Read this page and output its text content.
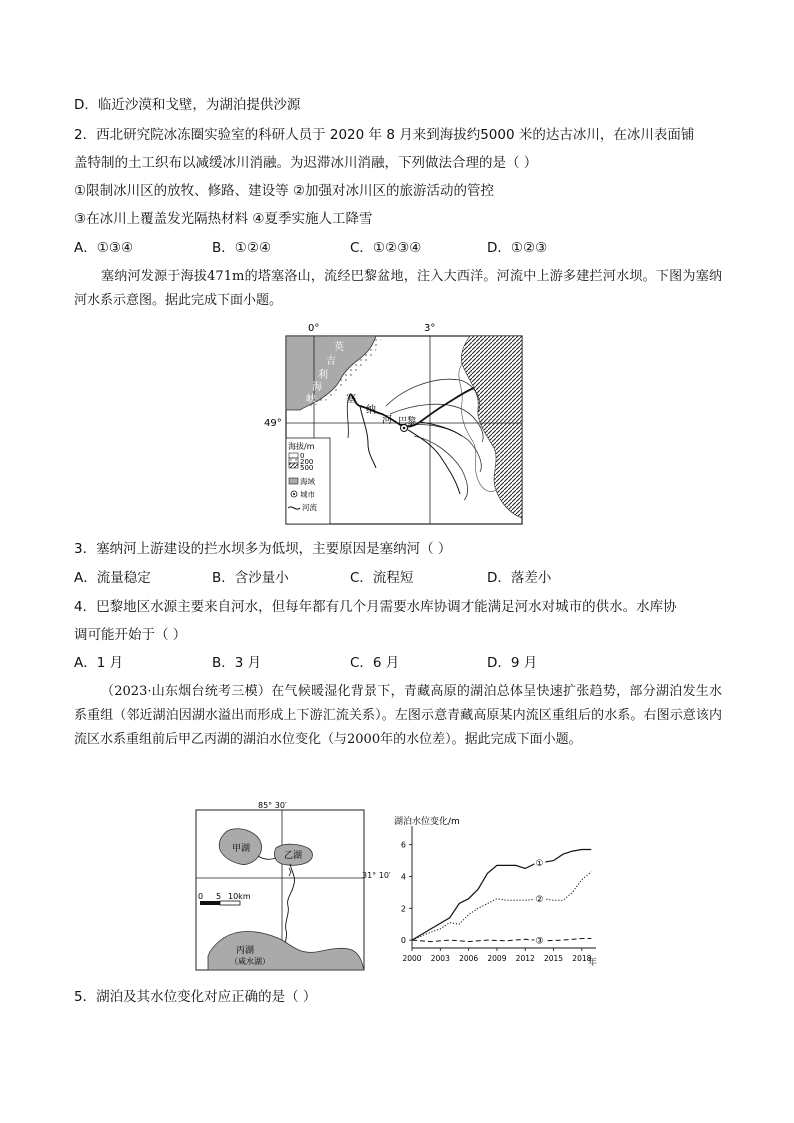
D．临近沙漠和戈壁，为湖泊提供沙源
2．西北研究院冰冻圈实验室的科研人员于 2020 年 8 月来到海拔约5000 米的达古冰川，在冰川表面铺
盖特制的土工织布以减缓冰川消融。为迟滞冰川消融，下列做法合理的是（ ）
①限制冰川区的放牧、修路、建设等 ②加强对冰川区的旅游活动的管控
③在冰川上覆盖发光隔热材料 ④夏季实施人工降雪
A．①③④	B．①②④	C．①②③④	D．①②③
塞纳河发源于海拔471m的塔塞洛山，流经巴黎盆地，注入大西洋。河流中上游多建拦河水坝。下图为塞纳河水系示意图。据此完成下面小题。
0°	3°
49°
英
吉
利
海
峡	塞
纳
河 巴黎
海拔/m
0
200
500
海域
城市
河流
3．塞纳河上游建设的拦水坝多为低坝，主要原因是塞纳河（ ）
A．流量稳定	B．含沙量小	C．流程短	D．落差小
4．巴黎地区水源主要来自河水，但每年都有几个月需要水库协调才能满足河水对城市的供水。水库协
调可能开始于（ ）
A．1 月	B．3 月	C．6 月	D．9 月
（2023·山东烟台统考三模）在气候暖湿化背景下，青藏高原的湖泊总体呈快速扩张趋势，部分湖泊发生水系重组（邻近湖泊因湖水溢出而形成上下游汇流关系）。左图示意青藏高原某内流区重组后的水系。右图示意该内流区水系重组前后甲乙丙湖的湖泊水位变化（与2000年的水位差）。据此完成下面小题。
85° 30′
甲湖
乙湖
0 5 10km
丙湖
（咸水湖）
31° 10′
湖泊水位变化/m
0
2
4
6
2000 2003 2006 2009 2012 2015 2018
①
②
③
年
5．湖泊及其水位变化对应正确的是（ ）
